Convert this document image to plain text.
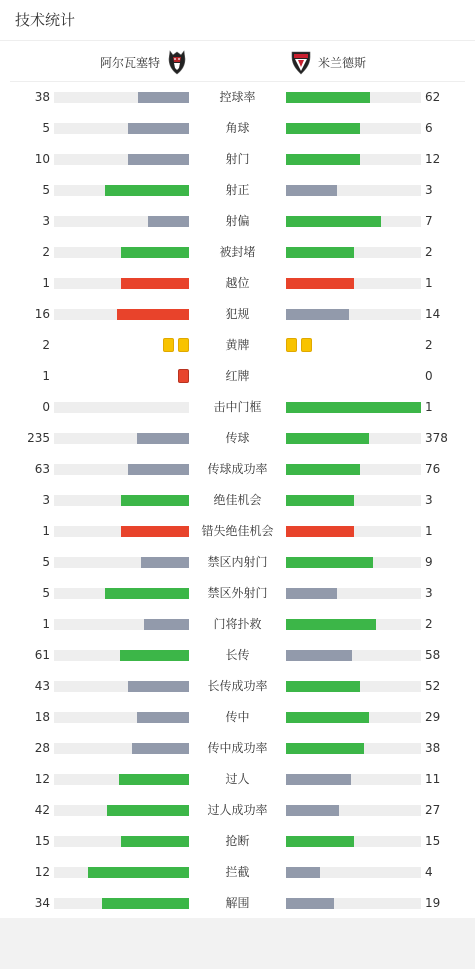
技术统计
阿尔瓦塞特	米兰德斯
38	控球率	62
5	角球	6
10	射门	12
5	射正	3
3	射偏	7
2	被封堵	2
1	越位	1
16	犯规	14
2	黄牌	2
1	红牌	0
0	击中门框	1
235	传球	378
63	传球成功率	76
3	绝佳机会	3
1	错失绝佳机会	1
5	禁区内射门	9
5	禁区外射门	3
1	门将扑救	2
61	长传	58
43	长传成功率	52
18	传中	29
28	传中成功率	38
12	过人	11
42	过人成功率	27
15	抢断	15
12	拦截	4
34	解围	19
